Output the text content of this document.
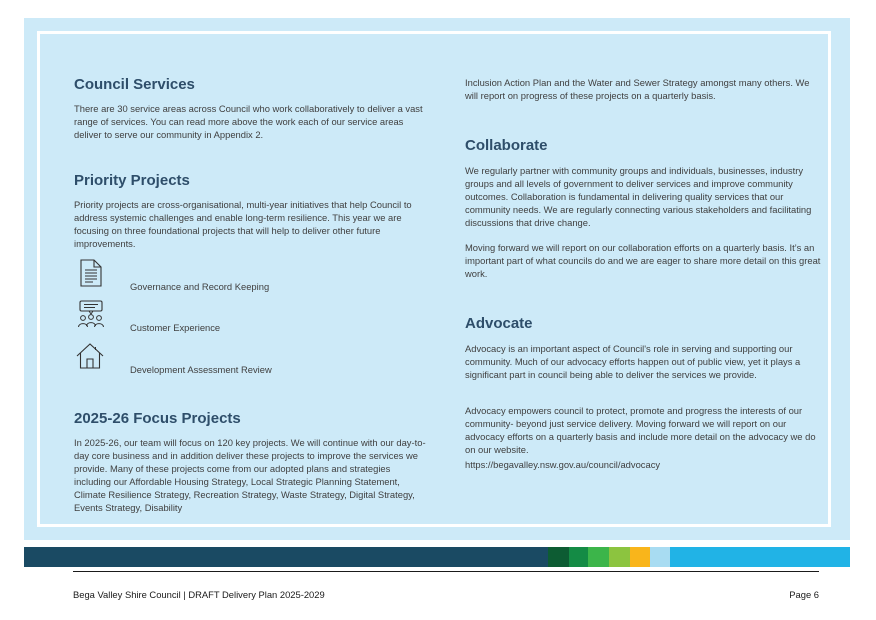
Council Services

There are 30 service areas across Council who work collaboratively to deliver a vast range of services. You can read more above the work each of our service areas deliver to serve our community in Appendix 2.

Priority Projects

Priority projects are cross-organisational, multi-year initiatives that help Council to address systemic challenges and enable long-term resilience. This year we are focusing on three foundational projects that will help to deliver other future improvements.

Governance and Record Keeping
Customer Experience
Development Assessment Review
2025-26 Focus Projects

In 2025-26, our team will focus on 120 key projects. We will continue with our day-to-day core business and in addition deliver these projects to improve the services we provide. Many of these projects come from our adopted plans and strategies including our Affordable Housing Strategy, Local Strategic Planning Statement, Climate Resilience Strategy, Recreation Strategy, Waste Strategy, Digital Strategy, Events Strategy, Disability

Inclusion Action Plan and the Water and Sewer Strategy amongst many others. We will report on progress of these projects on a quarterly basis.

Collaborate

We regularly partner with community groups and individuals, businesses, industry groups and all levels of government to deliver services and improve community outcomes. Collaboration is fundamental in delivering quality services that our community needs. We are regularly connecting various stakeholders and facilitating discussions that drive change.

Moving forward we will report on our collaboration efforts on a quarterly basis. It’s an important part of what councils do and we are eager to share more detail on this great work.

Advocate

Advocacy is an important aspect of Council's role in serving and supporting our community. Much of our advocacy efforts happen out of public view, yet it plays a significant part in council being able to deliver the services we provide.

Advocacy empowers council to protect, promote and progress the interests of our community- beyond just service delivery. Moving forward we will report on our advocacy efforts on a quarterly basis and include more detail on the advocacy we do on our website.

https://begavalley.nsw.gov.au/council/advocacy

Bega Valley Shire Council | DRAFT Delivery Plan 2025-2029	Page 6
